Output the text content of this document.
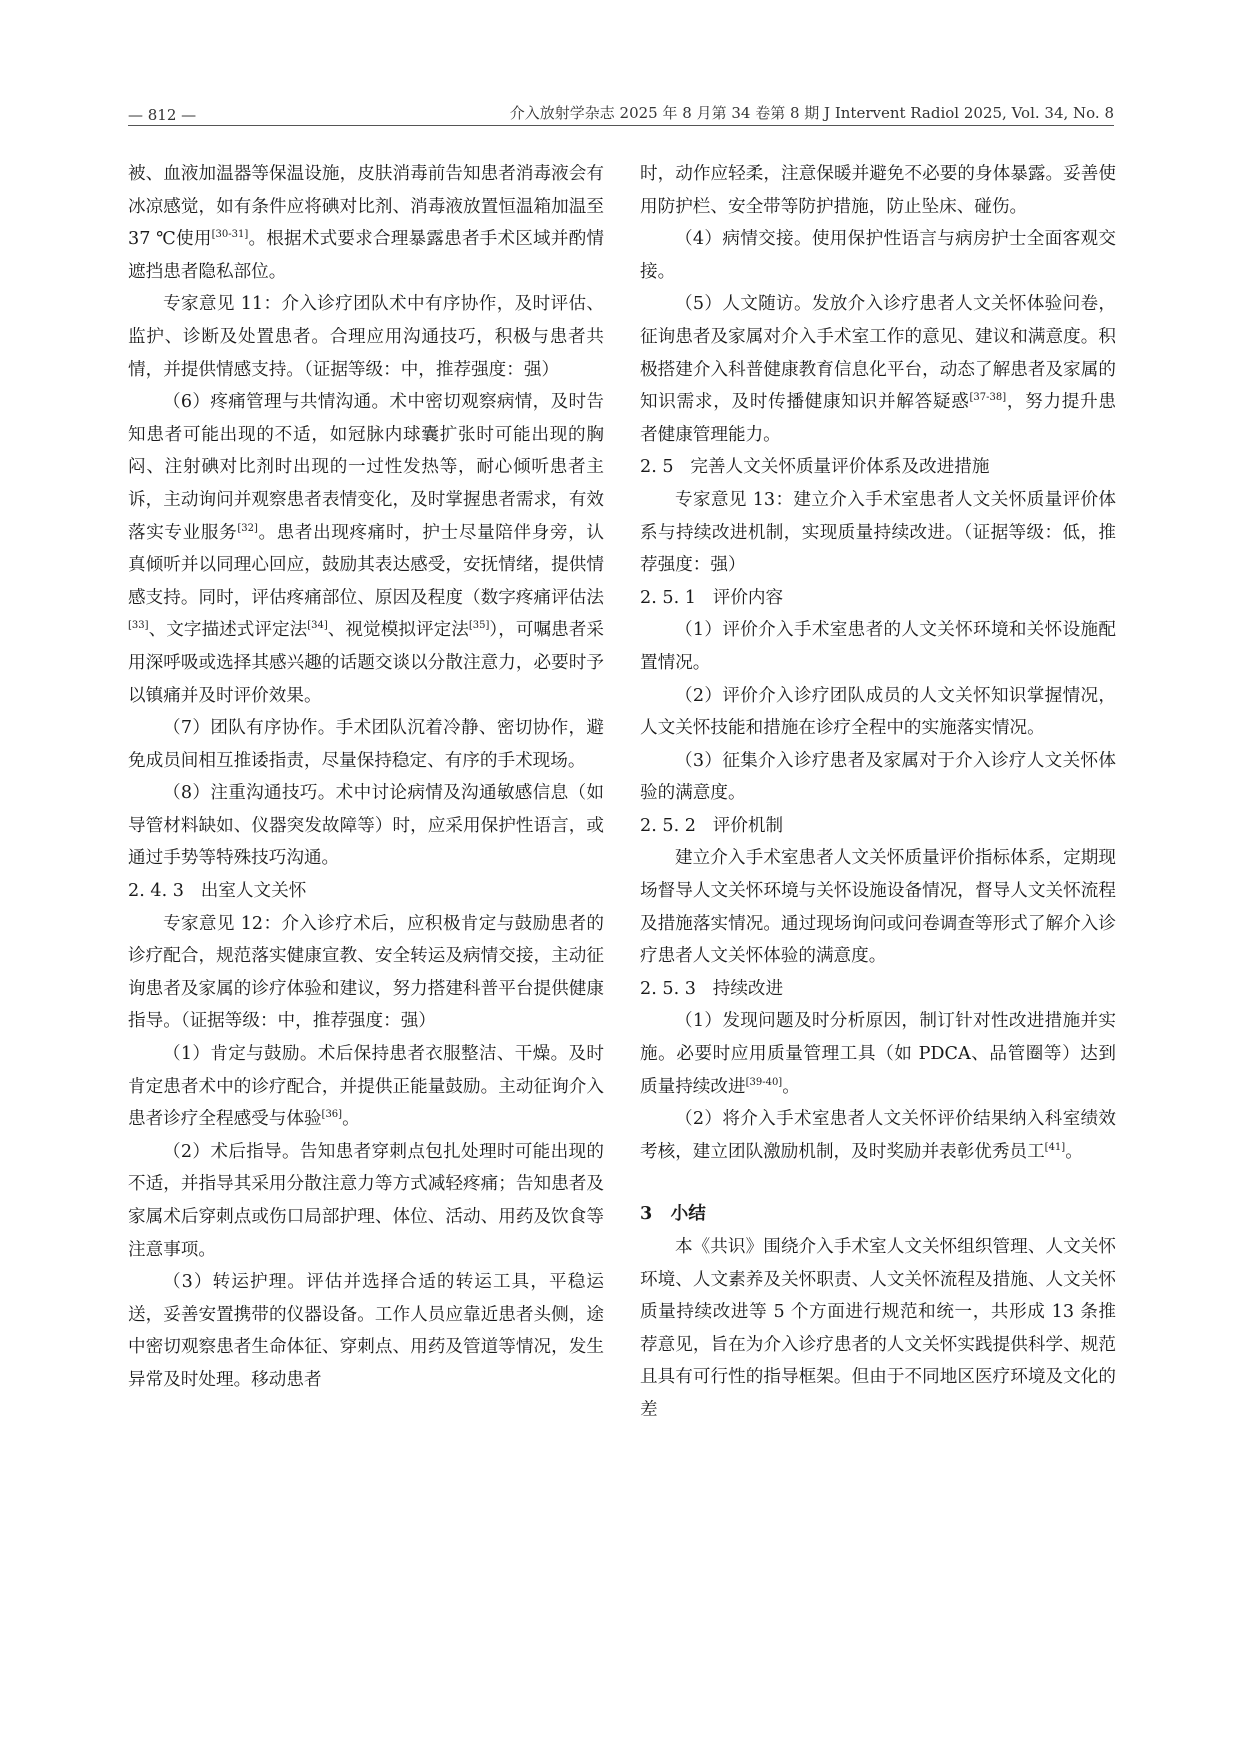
— 812 —	介入放射学杂志 2025 年 8 月第 34 卷第 8 期 J Intervent Radiol 2025, Vol. 34, No. 8

被、血液加温器等保温设施，皮肤消毒前告知患者消毒液会有冰凉感觉，如有条件应将碘对比剂、消毒液放置恒温箱加温至 37 ℃使用[30-31]。根据术式要求合理暴露患者手术区域并酌情遮挡患者隐私部位。

专家意见 11：介入诊疗团队术中有序协作，及时评估、监护、诊断及处置患者。合理应用沟通技巧，积极与患者共情，并提供情感支持。（证据等级：中，推荐强度：强）

（6）疼痛管理与共情沟通。术中密切观察病情，及时告知患者可能出现的不适，如冠脉内球囊扩张时可能出现的胸闷、注射碘对比剂时出现的一过性发热等，耐心倾听患者主诉，主动询问并观察患者表情变化，及时掌握患者需求，有效落实专业服务[32]。患者出现疼痛时，护士尽量陪伴身旁，认真倾听并以同理心回应，鼓励其表达感受，安抚情绪，提供情感支持。同时，评估疼痛部位、原因及程度（数字疼痛评估法[33]、文字描述式评定法[34]、视觉模拟评定法[35]），可嘱患者采用深呼吸或选择其感兴趣的话题交谈以分散注意力，必要时予以镇痛并及时评价效果。

（7）团队有序协作。手术团队沉着冷静、密切协作，避免成员间相互推诿指责，尽量保持稳定、有序的手术现场。

（8）注重沟通技巧。术中讨论病情及沟通敏感信息（如导管材料缺如、仪器突发故障等）时，应采用保护性语言，或通过手势等特殊技巧沟通。

2. 4. 3   出室人文关怀

专家意见 12：介入诊疗术后，应积极肯定与鼓励患者的诊疗配合，规范落实健康宣教、安全转运及病情交接，主动征询患者及家属的诊疗体验和建议，努力搭建科普平台提供健康指导。（证据等级：中，推荐强度：强）

（1）肯定与鼓励。术后保持患者衣服整洁、干燥。及时肯定患者术中的诊疗配合，并提供正能量鼓励。主动征询介入患者诊疗全程感受与体验[36]。

（2）术后指导。告知患者穿刺点包扎处理时可能出现的不适，并指导其采用分散注意力等方式减轻疼痛；告知患者及家属术后穿刺点或伤口局部护理、体位、活动、用药及饮食等注意事项。

（3）转运护理。评估并选择合适的转运工具，平稳运送，妥善安置携带的仪器设备。工作人员应靠近患者头侧，途中密切观察患者生命体征、穿刺点、用药及管道等情况，发生异常及时处理。移动患者

时，动作应轻柔，注意保暖并避免不必要的身体暴露。妥善使用防护栏、安全带等防护措施，防止坠床、碰伤。

（4）病情交接。使用保护性语言与病房护士全面客观交接。

（5）人文随访。发放介入诊疗患者人文关怀体验问卷，征询患者及家属对介入手术室工作的意见、建议和满意度。积极搭建介入科普健康教育信息化平台，动态了解患者及家属的知识需求，及时传播健康知识并解答疑惑[37-38]，努力提升患者健康管理能力。

2. 5   完善人文关怀质量评价体系及改进措施

专家意见 13：建立介入手术室患者人文关怀质量评价体系与持续改进机制，实现质量持续改进。（证据等级：低，推荐强度：强）

2. 5. 1   评价内容

（1）评价介入手术室患者的人文关怀环境和关怀设施配置情况。

（2）评价介入诊疗团队成员的人文关怀知识掌握情况，人文关怀技能和措施在诊疗全程中的实施落实情况。

（3）征集介入诊疗患者及家属对于介入诊疗人文关怀体验的满意度。

2. 5. 2   评价机制

建立介入手术室患者人文关怀质量评价指标体系，定期现场督导人文关怀环境与关怀设施设备情况，督导人文关怀流程及措施落实情况。通过现场询问或问卷调查等形式了解介入诊疗患者人文关怀体验的满意度。

2. 5. 3   持续改进

（1）发现问题及时分析原因，制订针对性改进措施并实施。必要时应用质量管理工具（如 PDCA、品管圈等）达到质量持续改进[39-40]。

（2）将介入手术室患者人文关怀评价结果纳入科室绩效考核，建立团队激励机制，及时奖励并表彰优秀员工[41]。

3   小结

本《共识》围绕介入手术室人文关怀组织管理、人文关怀环境、人文素养及关怀职责、人文关怀流程及措施、人文关怀质量持续改进等 5 个方面进行规范和统一，共形成 13 条推荐意见，旨在为介入诊疗患者的人文关怀实践提供科学、规范且具有可行性的指导框架。但由于不同地区医疗环境及文化的差
